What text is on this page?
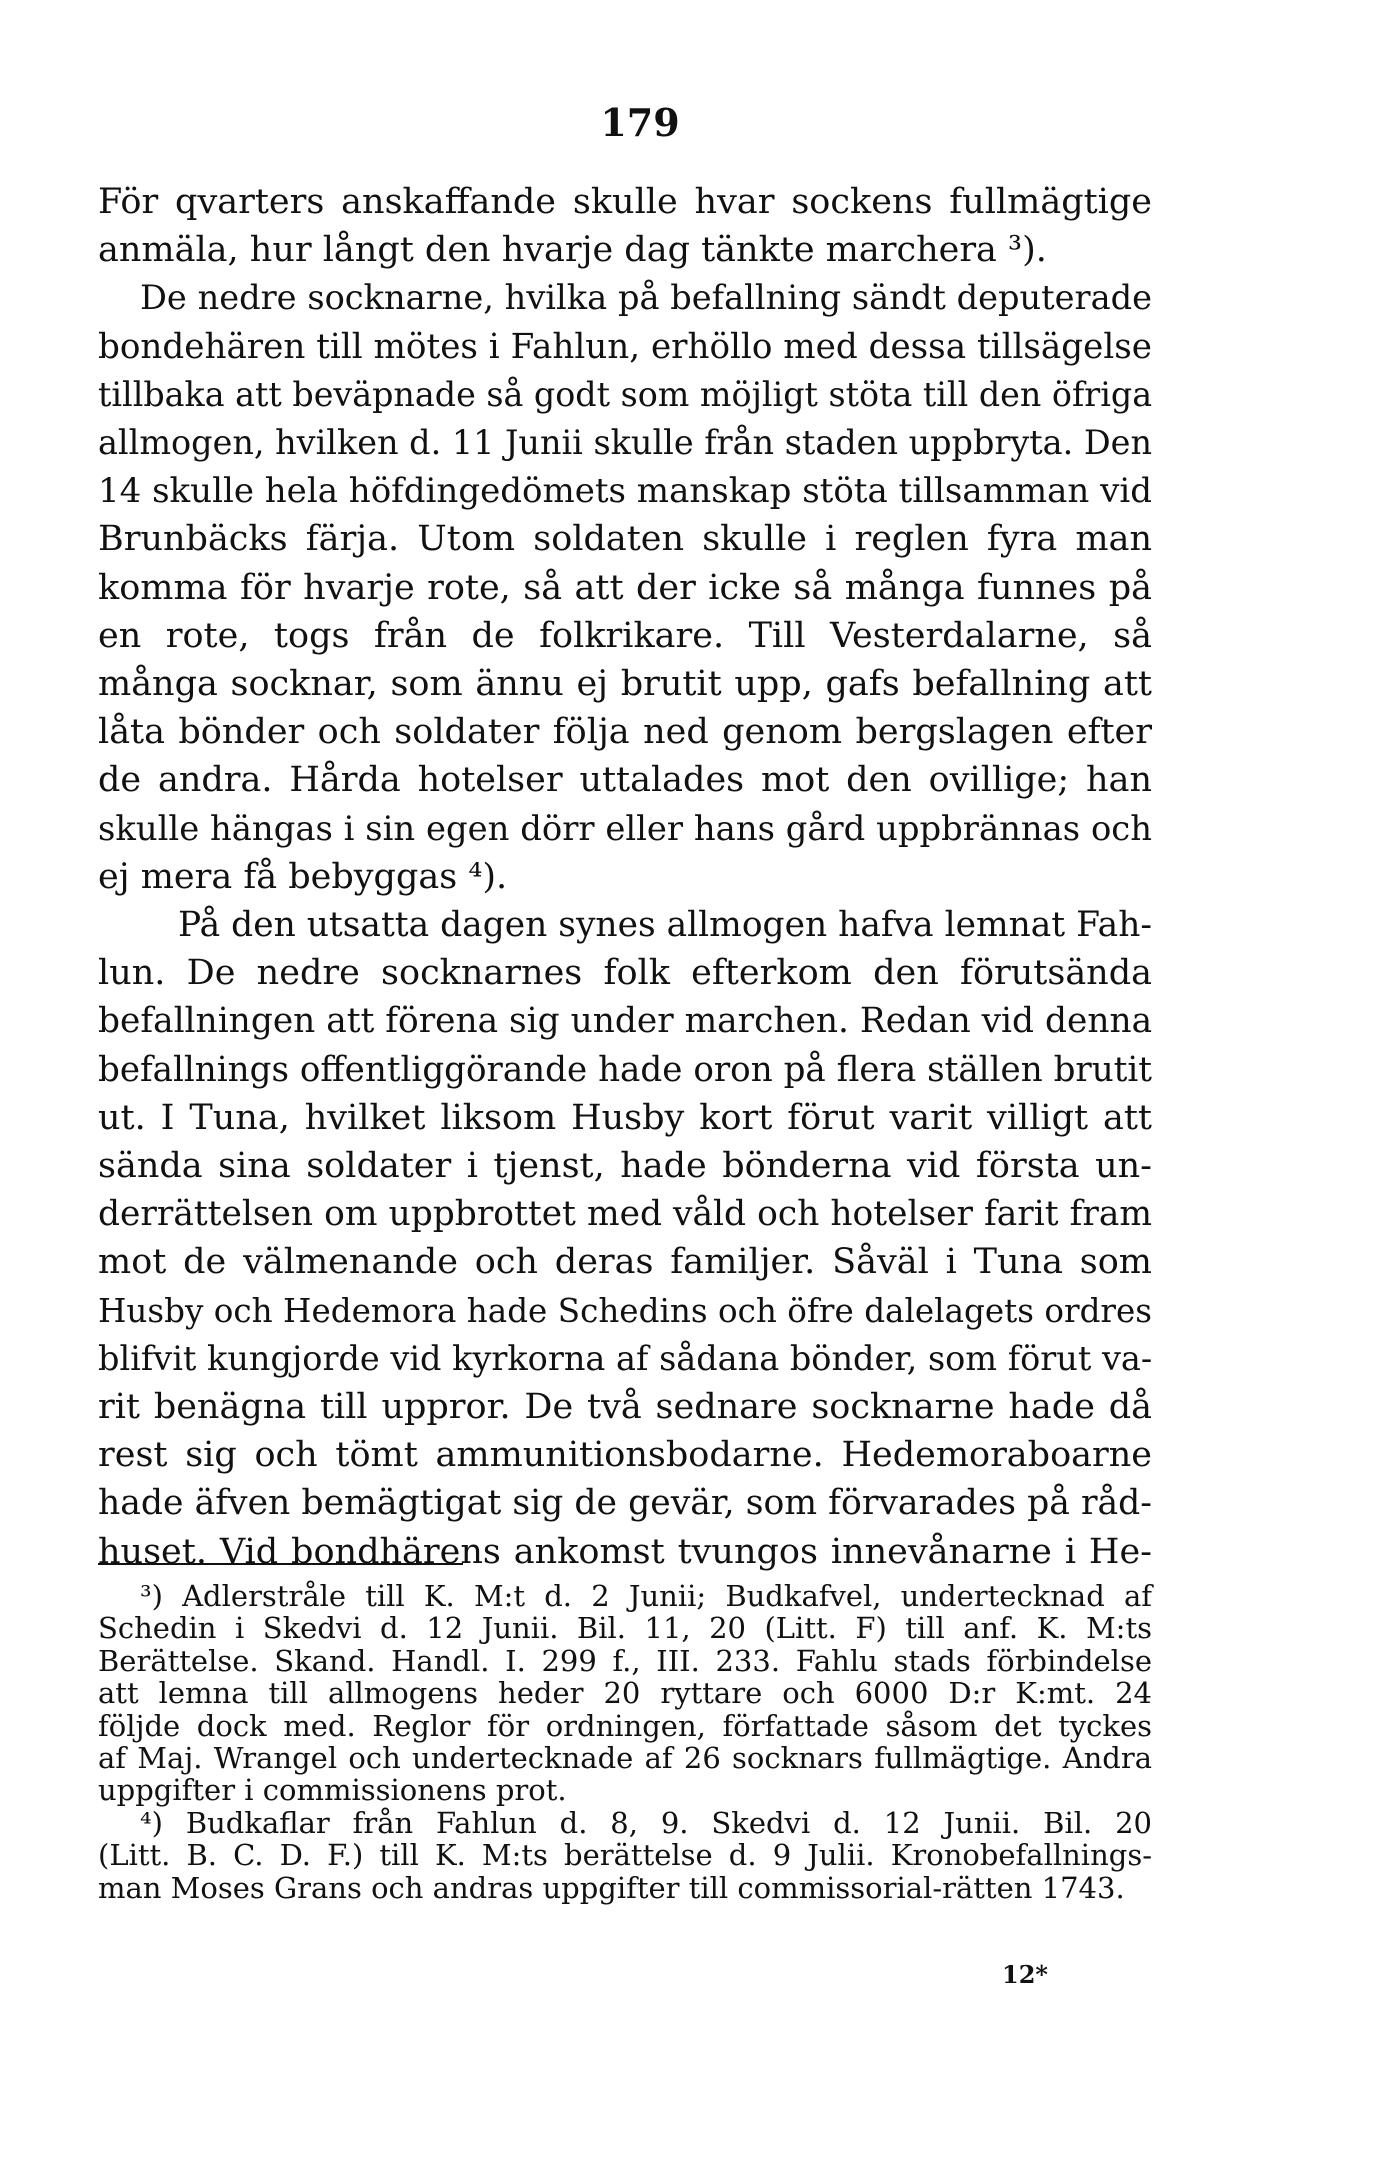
179
För qvarters anskaffande skulle hvar sockens fullmägtige
anmäla, hur långt den hvarje dag tänkte marchera ³).
De nedre socknarne, hvilka på befallning sändt deputerade
bondehären till mötes i Fahlun, erhöllo med dessa tillsägelse
tillbaka att beväpnade så godt som möjligt stöta till den öfriga
allmogen, hvilken d. 11 Junii skulle från staden uppbryta. Den
14 skulle hela höfdingedömets manskap stöta tillsamman vid
Brunbäcks färja. Utom soldaten skulle i reglen fyra man
komma för hvarje rote, så att der icke så många funnes på
en rote, togs från de folkrikare. Till Vesterdalarne, så
många socknar, som ännu ej brutit upp, gafs befallning att
låta bönder och soldater följa ned genom bergslagen efter
de andra. Hårda hotelser uttalades mot den ovillige; han
skulle hängas i sin egen dörr eller hans gård uppbrännas och
ej mera få bebyggas ⁴).
På den utsatta dagen synes allmogen hafva lemnat Fah-
lun. De nedre socknarnes folk efterkom den förutsända
befallningen att förena sig under marchen. Redan vid denna
befallnings offentliggörande hade oron på flera ställen brutit
ut. I Tuna, hvilket liksom Husby kort förut varit villigt att
sända sina soldater i tjenst, hade bönderna vid första un-
derrättelsen om uppbrottet med våld och hotelser farit fram
mot de välmenande och deras familjer. Såväl i Tuna som
Husby och Hedemora hade Schedins och öfre dalelagets ordres
blifvit kungjorde vid kyrkorna af sådana bönder, som förut va-
rit benägna till uppror. De två sednare socknarne hade då
rest sig och tömt ammunitionsbodarne. Hedemoraboarne
hade äfven bemägtigat sig de gevär, som förvarades på råd-
huset. Vid bondhärens ankomst tvungos innevånarne i He-
³) Adlerstråle till K. M:t d. 2 Junii; Budkafvel, undertecknad af
Schedin i Skedvi d. 12 Junii. Bil. 11, 20 (Litt. F) till anf. K. M:ts
Berättelse. Skand. Handl. I. 299 f., III. 233. Fahlu stads förbindelse
att lemna till allmogens heder 20 ryttare och 6000 D:r K:mt. 24
följde dock med. Reglor för ordningen, författade såsom det tyckes
af Maj. Wrangel och undertecknade af 26 socknars fullmägtige. Andra
uppgifter i commissionens prot.
⁴) Budkaflar från Fahlun d. 8, 9. Skedvi d. 12 Junii. Bil. 20
(Litt. B. C. D. F.) till K. M:ts berättelse d. 9 Julii. Kronobefallnings-
man Moses Grans och andras uppgifter till commissorial-rätten 1743.
12*
